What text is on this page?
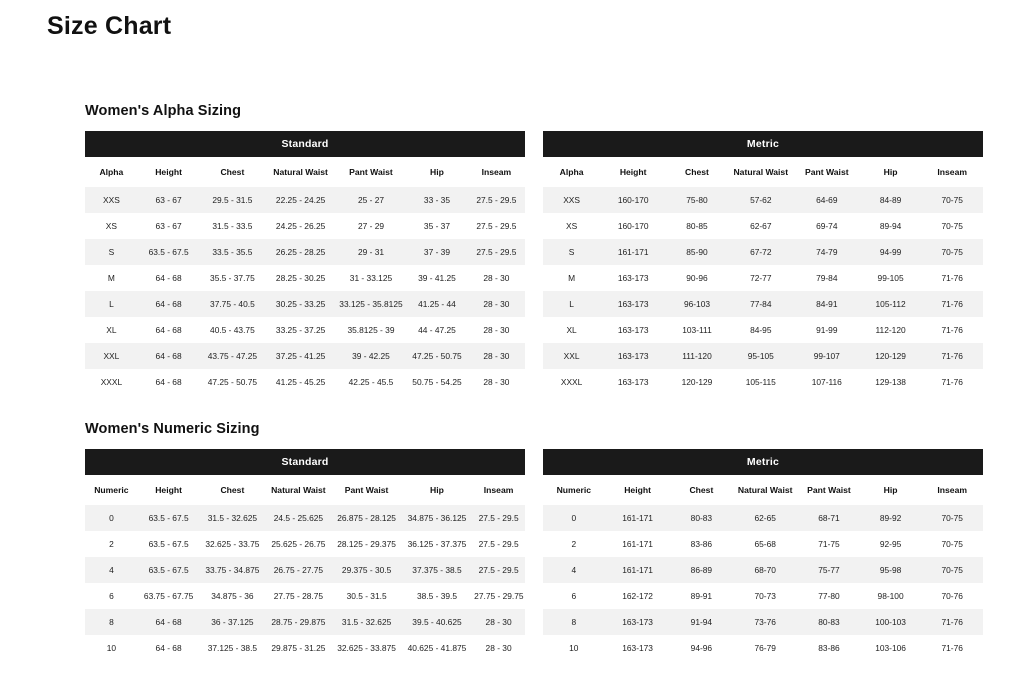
Size Chart
Women's Alpha Sizing
Standard
Alpha	Height	Chest	Natural Waist	Pant Waist	Hip	Inseam
XXS	63 - 67	29.5 - 31.5	22.25 - 24.25	25 - 27	33 - 35	27.5 - 29.5
XS	63 - 67	31.5 - 33.5	24.25 - 26.25	27 - 29	35 - 37	27.5 - 29.5
S	63.5 - 67.5	33.5 - 35.5	26.25 - 28.25	29 - 31	37 - 39	27.5 - 29.5
M	64 - 68	35.5 - 37.75	28.25 - 30.25	31 - 33.125	39 - 41.25	28 - 30
L	64 - 68	37.75 - 40.5	30.25 - 33.25	33.125 - 35.8125	41.25 - 44	28 - 30
XL	64 - 68	40.5 - 43.75	33.25 - 37.25	35.8125 - 39	44 - 47.25	28 - 30
XXL	64 - 68	43.75 - 47.25	37.25 - 41.25	39 - 42.25	47.25 - 50.75	28 - 30
XXXL	64 - 68	47.25 - 50.75	41.25 - 45.25	42.25 - 45.5	50.75 - 54.25	28 - 30
Metric
Alpha	Height	Chest	Natural Waist	Pant Waist	Hip	Inseam
XXS	160-170	75-80	57-62	64-69	84-89	70-75
XS	160-170	80-85	62-67	69-74	89-94	70-75
S	161-171	85-90	67-72	74-79	94-99	70-75
M	163-173	90-96	72-77	79-84	99-105	71-76
L	163-173	96-103	77-84	84-91	105-112	71-76
XL	163-173	103-111	84-95	91-99	112-120	71-76
XXL	163-173	111-120	95-105	99-107	120-129	71-76
XXXL	163-173	120-129	105-115	107-116	129-138	71-76
Women's Numeric Sizing
Standard
Numeric	Height	Chest	Natural Waist	Pant Waist	Hip	Inseam
0	63.5 - 67.5	31.5 - 32.625	24.5 - 25.625	26.875 - 28.125	34.875 - 36.125	27.5 - 29.5
2	63.5 - 67.5	32.625 - 33.75	25.625 - 26.75	28.125 - 29.375	36.125 - 37.375	27.5 - 29.5
4	63.5 - 67.5	33.75 - 34.875	26.75 - 27.75	29.375 - 30.5	37.375 - 38.5	27.5 - 29.5
6	63.75 - 67.75	34.875 - 36	27.75 - 28.75	30.5 - 31.5	38.5 - 39.5	27.75 - 29.75
8	64 - 68	36 - 37.125	28.75 - 29.875	31.5 - 32.625	39.5 - 40.625	28 - 30
10	64 - 68	37.125 - 38.5	29.875 - 31.25	32.625 - 33.875	40.625 - 41.875	28 - 30
Metric
Numeric	Height	Chest	Natural Waist	Pant Waist	Hip	Inseam
0	161-171	80-83	62-65	68-71	89-92	70-75
2	161-171	83-86	65-68	71-75	92-95	70-75
4	161-171	86-89	68-70	75-77	95-98	70-75
6	162-172	89-91	70-73	77-80	98-100	70-76
8	163-173	91-94	73-76	80-83	100-103	71-76
10	163-173	94-96	76-79	83-86	103-106	71-76
